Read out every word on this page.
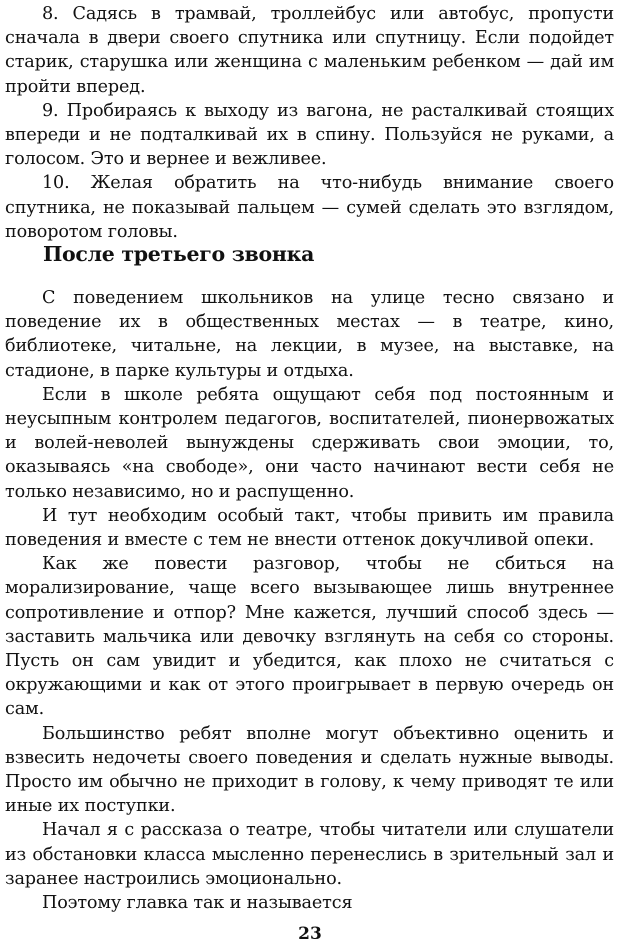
8. Садясь в трамвай, троллейбус или автобус, пропусти сначала в двери своего спутника или спутницу. Если подойдет старик, старушка или женщина с маленьким ребенком — дай им пройти вперед.

9. Пробираясь к выходу из вагона, не расталкивай стоящих впереди и не подталкивай их в спину. Пользуйся не руками, а голосом. Это и вернее и вежливее.

10. Желая обратить на что-нибудь внимание своего спутника, не показывай пальцем — сумей сделать это взглядом, поворотом головы.

После третьего звонка

С поведением школьников на улице тесно связано и поведение их в общественных местах — в театре, кино, библиотеке, читальне, на лекции, в музее, на выставке, на стадионе, в парке культуры и отдыха.

Если в школе ребята ощущают себя под постоянным и неусыпным контролем педагогов, воспитателей, пионервожатых и волей-неволей вынуждены сдерживать свои эмоции, то, оказываясь «на свободе», они часто начинают вести себя не только независимо, но и распущенно.

И тут необходим особый такт, чтобы привить им правила поведения и вместе с тем не внести оттенок докучливой опеки.

Как же повести разговор, чтобы не сбиться на морализирование, чаще всего вызывающее лишь внутреннее сопротивление и отпор? Мне кажется, лучший способ здесь — заставить мальчика или девочку взглянуть на себя со стороны. Пусть он сам увидит и убедится, как плохо не считаться с окружающими и как от этого проигрывает в первую очередь он сам.

Большинство ребят вполне могут объективно оценить и взвесить недочеты своего поведения и сделать нужные выводы. Просто им обычно не приходит в голову, к чему приводят те или иные их поступки.

Начал я с рассказа о театре, чтобы читатели или слушатели из обстановки класса мысленно перенеслись в зрительный зал и заранее настроились эмоционально.

Поэтому главка так и называется

23
